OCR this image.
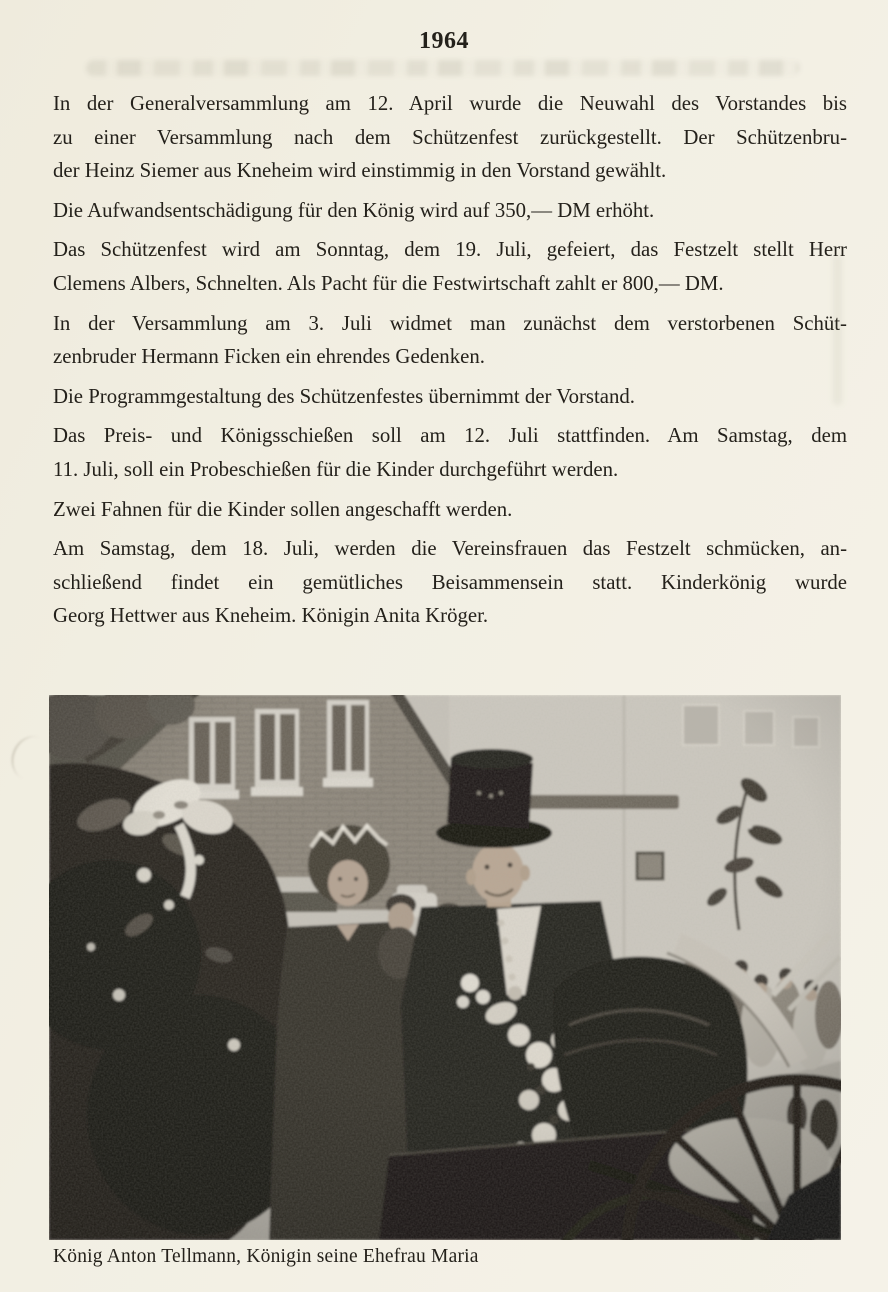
1964

In der Generalversammlung am 12. April wurde die Neuwahl des Vorstandes bis
zu einer Versammlung nach dem Schützenfest zurückgestellt. Der Schützenbru-
der Heinz Siemer aus Kneheim wird einstimmig in den Vorstand gewählt.

Die Aufwandsentschädigung für den König wird auf 350,— DM erhöht.

Das Schützenfest wird am Sonntag, dem 19. Juli, gefeiert, das Festzelt stellt Herr
Clemens Albers, Schnelten. Als Pacht für die Festwirtschaft zahlt er 800,— DM.

In der Versammlung am 3. Juli widmet man zunächst dem verstorbenen Schüt-
zenbruder Hermann Ficken ein ehrendes Gedenken.

Die Programmgestaltung des Schützenfestes übernimmt der Vorstand.

Das Preis- und Königsschießen soll am 12. Juli stattfinden. Am Samstag, dem
11. Juli, soll ein Probeschießen für die Kinder durchgeführt werden.

Zwei Fahnen für die Kinder sollen angeschafft werden.

Am Samstag, dem 18. Juli, werden die Vereinsfrauen das Festzelt schmücken, an-
schließend findet ein gemütliches Beisammensein statt. Kinderkönig wurde
Georg Hettwer aus Kneheim. Königin Anita Kröger.

König Anton Tellmann, Königin seine Ehefrau Maria
